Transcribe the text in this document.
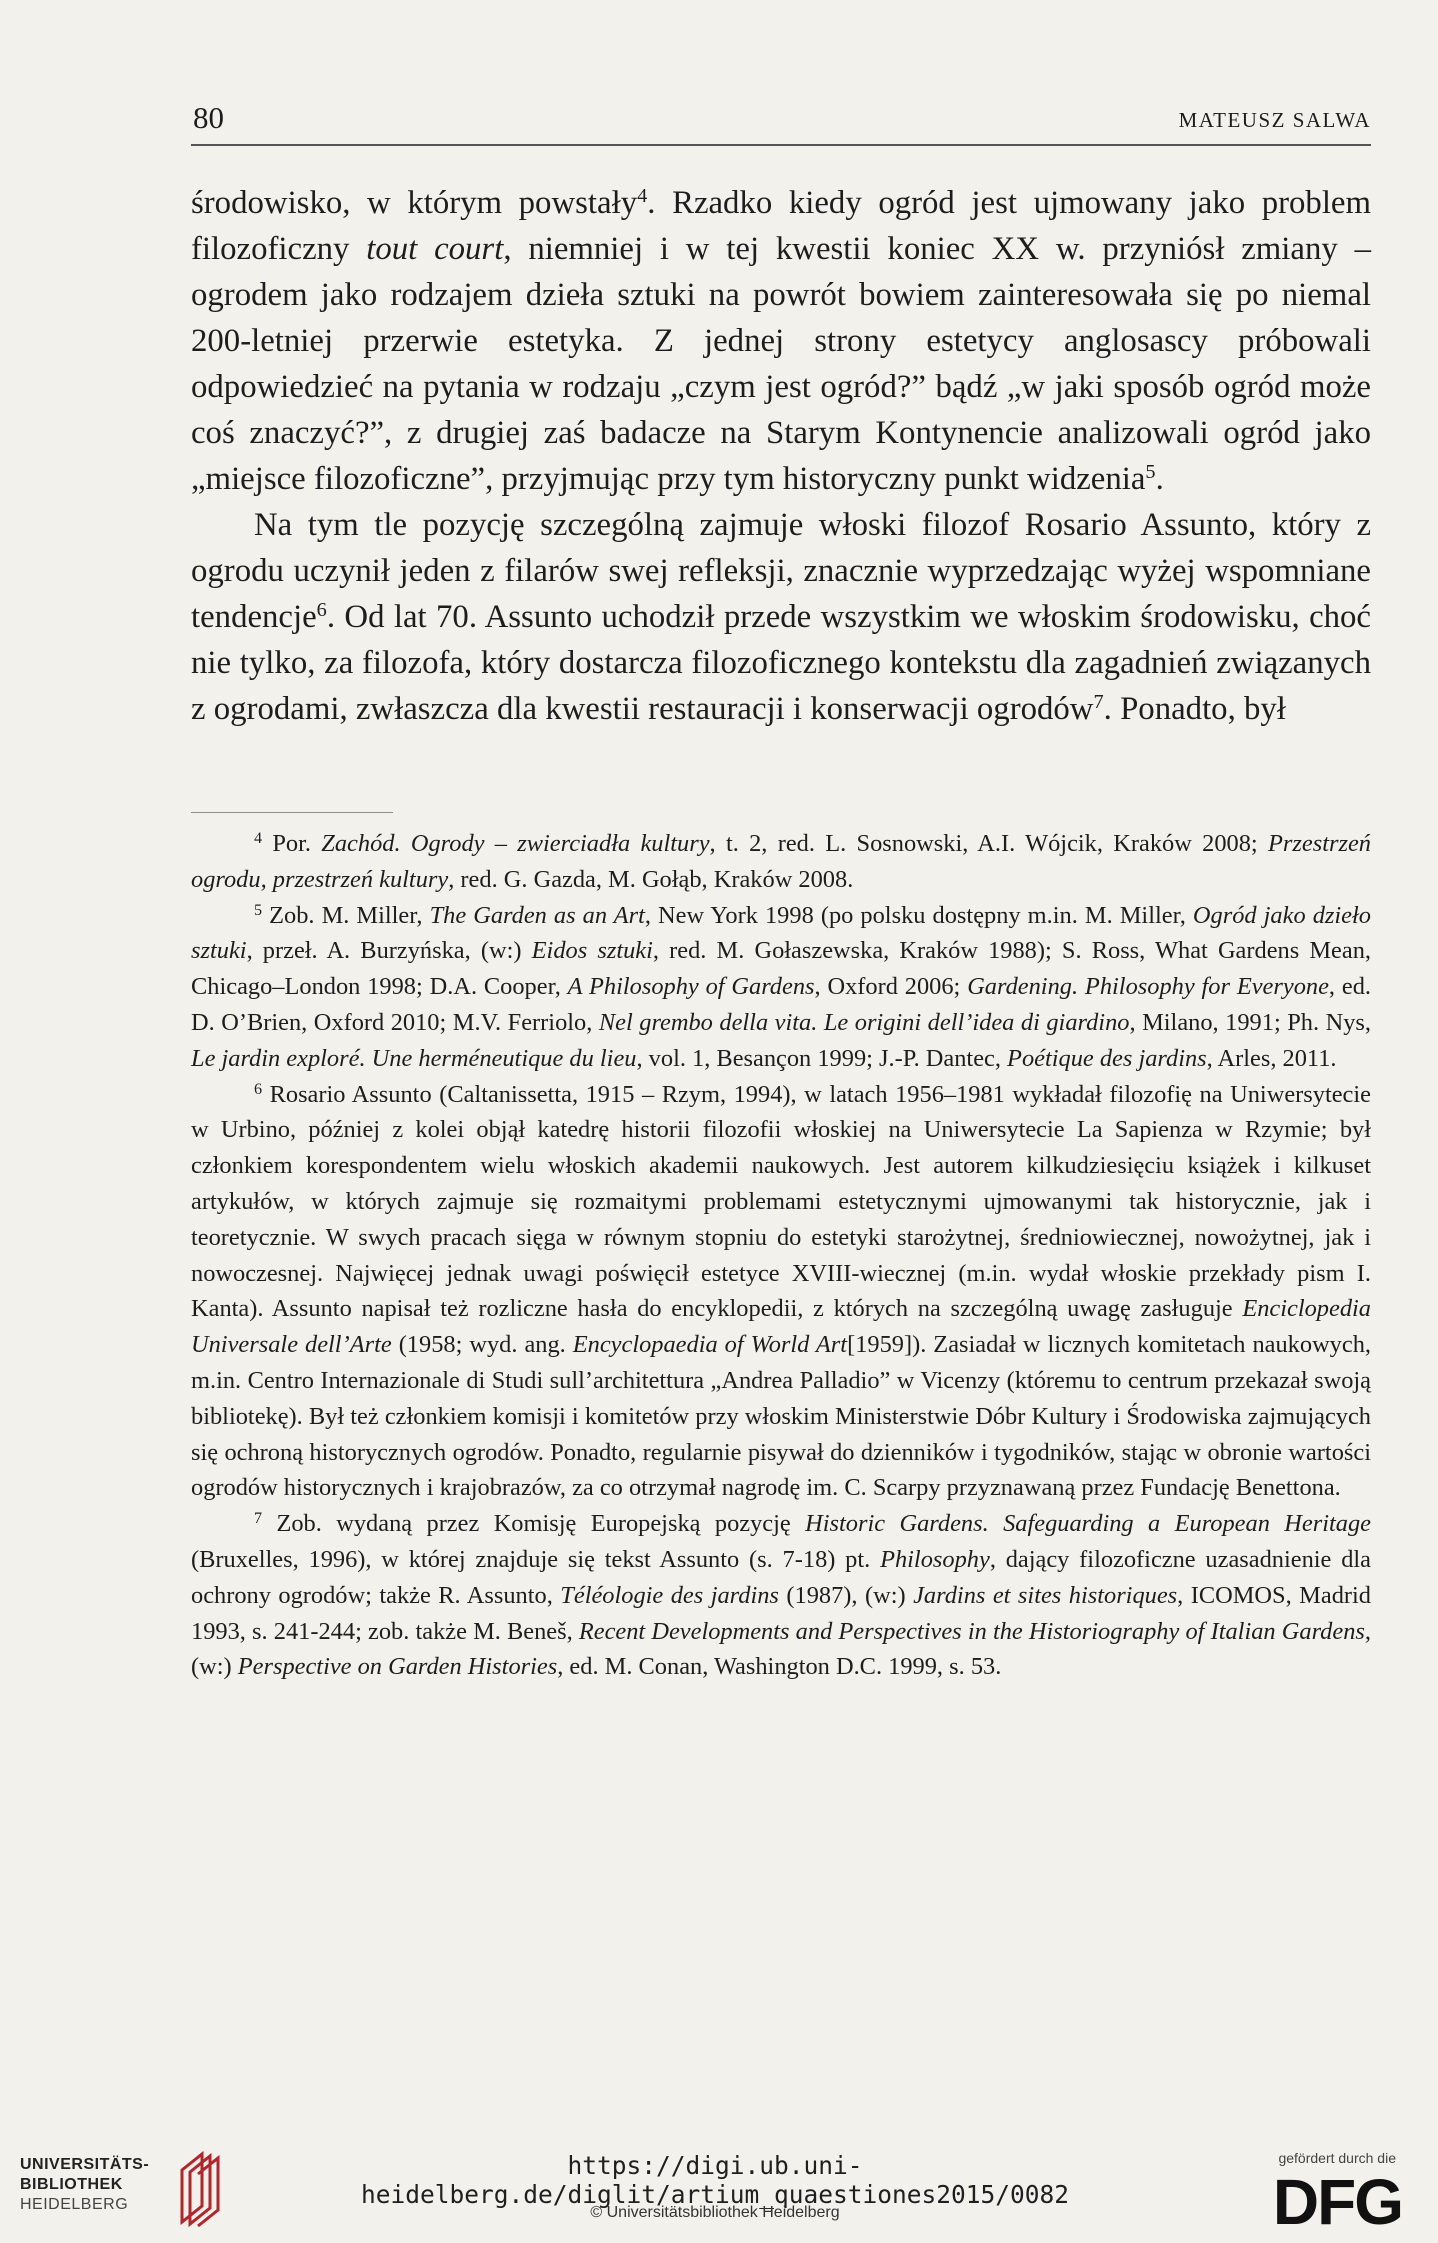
80	MATEUSZ SALWA

środowisko, w którym powstały$^4$. Rzadko kiedy ogród jest ujmowany jako problem filozoficzny tout court, niemniej i w tej kwestii koniec XX w. przyniósł zmiany – ogrodem jako rodzajem dzieła sztuki na powrót bowiem zainteresowała się po niemal 200-letniej przerwie estetyka. Z jednej strony estetycy anglosascy próbowali odpowiedzieć na pytania w rodzaju „czym jest ogród?” bądź „w jaki sposób ogród może coś znaczyć?”, z drugiej zaś badacze na Starym Kontynencie analizowali ogród jako „miejsce filozoficzne”, przyjmując przy tym historyczny punkt widzenia$^5$.

Na tym tle pozycję szczególną zajmuje włoski filozof Rosario Assunto, który z ogrodu uczynił jeden z filarów swej refleksji, znacznie wyprzedzając wyżej wspomniane tendencje$^6$. Od lat 70. Assunto uchodził przede wszystkim we włoskim środowisku, choć nie tylko, za filozofa, który dostarcza filozoficznego kontekstu dla zagadnień związanych z ogrodami, zwłaszcza dla kwestii restauracji i konserwacji ogrodów$^7$. Ponadto, był

$^4$ Por. Zachód. Ogrody – zwierciadła kultury, t. 2, red. L. Sosnowski, A.I. Wójcik, Kraków 2008; Przestrzeń ogrodu, przestrzeń kultury, red. G. Gazda, M. Gołąb, Kraków 2008.

$^5$ Zob. M. Miller, The Garden as an Art, New York 1998 (po polsku dostępny m.in. M. Miller, Ogród jako dzieło sztuki, przeł. A. Burzyńska, (w:) Eidos sztuki, red. M. Gołaszewska, Kraków 1988); S. Ross, What Gardens Mean, Chicago–London 1998; D.A. Cooper, A Philosophy of Gardens, Oxford 2006; Gardening. Philosophy for Everyone, ed. D. O’Brien, Oxford 2010; M.V. Ferriolo, Nel grembo della vita. Le origini dell’idea di giardino, Milano, 1991; Ph. Nys, Le jardin exploré. Une herméneutique du lieu, vol. 1, Besançon 1999; J.-P. Dantec, Poétique des jardins, Arles, 2011.

$^6$ Rosario Assunto (Caltanissetta, 1915 – Rzym, 1994), w latach 1956–1981 wykładał filozofię na Uniwersytecie w Urbino, później z kolei objął katedrę historii filozofii włoskiej na Uniwersytecie La Sapienza w Rzymie; był członkiem korespondentem wielu włoskich akademii naukowych. Jest autorem kilkudziesięciu książek i kilkuset artykułów, w których zajmuje się rozmaitymi problemami estetycznymi ujmowanymi tak historycznie, jak i teoretycznie. W swych pracach sięga w równym stopniu do estetyki starożytnej, średniowiecznej, nowożytnej, jak i nowoczesnej. Najwięcej jednak uwagi poświęcił estetyce XVIII-wiecznej (m.in. wydał włoskie przekłady pism I. Kanta). Assunto napisał też rozliczne hasła do encyklopedii, z których na szczególną uwagę zasługuje Enciclopedia Universale dell’Arte (1958; wyd. ang. Encyclopaedia of World Art[1959]). Zasiadał w licznych komitetach naukowych, m.in. Centro Internazionale di Studi sull’architettura „Andrea Palladio” w Vicenzy (któremu to centrum przekazał swoją bibliotekę). Był też członkiem komisji i komitetów przy włoskim Ministerstwie Dóbr Kultury i Środowiska zajmujących się ochroną historycznych ogrodów. Ponadto, regularnie pisywał do dzienników i tygodników, stając w obronie wartości ogrodów historycznych i krajobrazów, za co otrzymał nagrodę im. C. Scarpy przyznawaną przez Fundację Benettona.

$^7$ Zob. wydaną przez Komisję Europejską pozycję Historic Gardens. Safeguarding a European Heritage (Bruxelles, 1996), w której znajduje się tekst Assunto (s. 7-18) pt. Philosophy, dający filozoficzne uzasadnienie dla ochrony ogrodów; także R. Assunto, Téléologie des jardins (1987), (w:) Jardins et sites historiques, ICOMOS, Madrid 1993, s. 241-244; zob. także M. Beneš, Recent Developments and Perspectives in the Historiography of Italian Gardens, (w:) Perspective on Garden Histories, ed. M. Conan, Washington D.C. 1999, s. 53.

UNIVERSITÄTS-
BIBLIOTHEK
HEIDELBERG
https://digi.ub.uni-heidelberg.de/diglit/artium_quaestiones2015/0082
© Universitätsbibliothek Heidelberg
gefördert durch die
DFG
